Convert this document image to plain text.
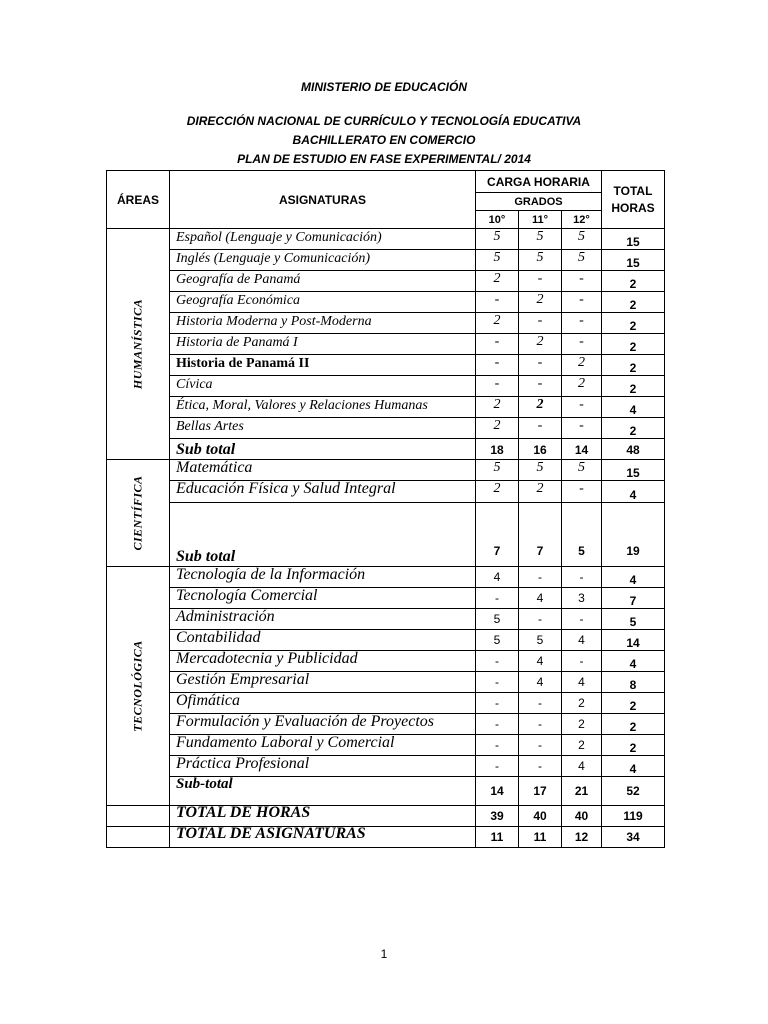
MINISTERIO DE EDUCACIÓN
DIRECCIÓN NACIONAL DE CURRÍCULO Y TECNOLOGÍA EDUCATIVA
BACHILLERATO EN COMERCIO
PLAN DE ESTUDIO EN FASE EXPERIMENTAL/ 2014
ÁREAS	ASIGNATURAS	CARGA HORARIA			TOTAL HORAS
		GRADOS			
		10°	11°	12°	

HUMANÍSTICA	Español (Lenguaje y Comunicación)	5	5	5	15
	Inglés (Lenguaje y Comunicación)	5	5	5	15
	Geografía de Panamá	2	-	-	2
	Geografía Económica	-	2	-	2
	Historia Moderna y Post-Moderna	2	-	-	2
	Historia de Panamá I	-	2	-	2
	Historia de Panamá II	-	-	2	2
	Cívica	-	-	2	2
	Ética, Moral, Valores y Relaciones Humanas	2	2	-	4
	Bellas Artes	2	-	-	2
	Sub total	18	16	14	48

CIENTÍFICA	Matemática	5	5	5	15
	Educación Física y Salud Integral	2	2	-	4
	Sub total	7	7	5	19

TECNOLÓGICA	Tecnología de la Información	4	-	-	4
	Tecnología Comercial	-	4	3	7
	Administración	5	-	-	5
	Contabilidad	5	5	4	14
	Mercadotecnia y Publicidad	-	4	-	4
	Gestión Empresarial	-	4	4	8
	Ofimática	-	-	2	2
	Formulación y Evaluación de Proyectos	-	-	2	2
	Fundamento Laboral y Comercial	-	-	2	2
	Práctica Profesional	-	-	4	4
	Sub-total	14	17	21	52
	TOTAL DE HORAS	39	40	40	119
	TOTAL DE ASIGNATURAS	11	11	12	34
1
